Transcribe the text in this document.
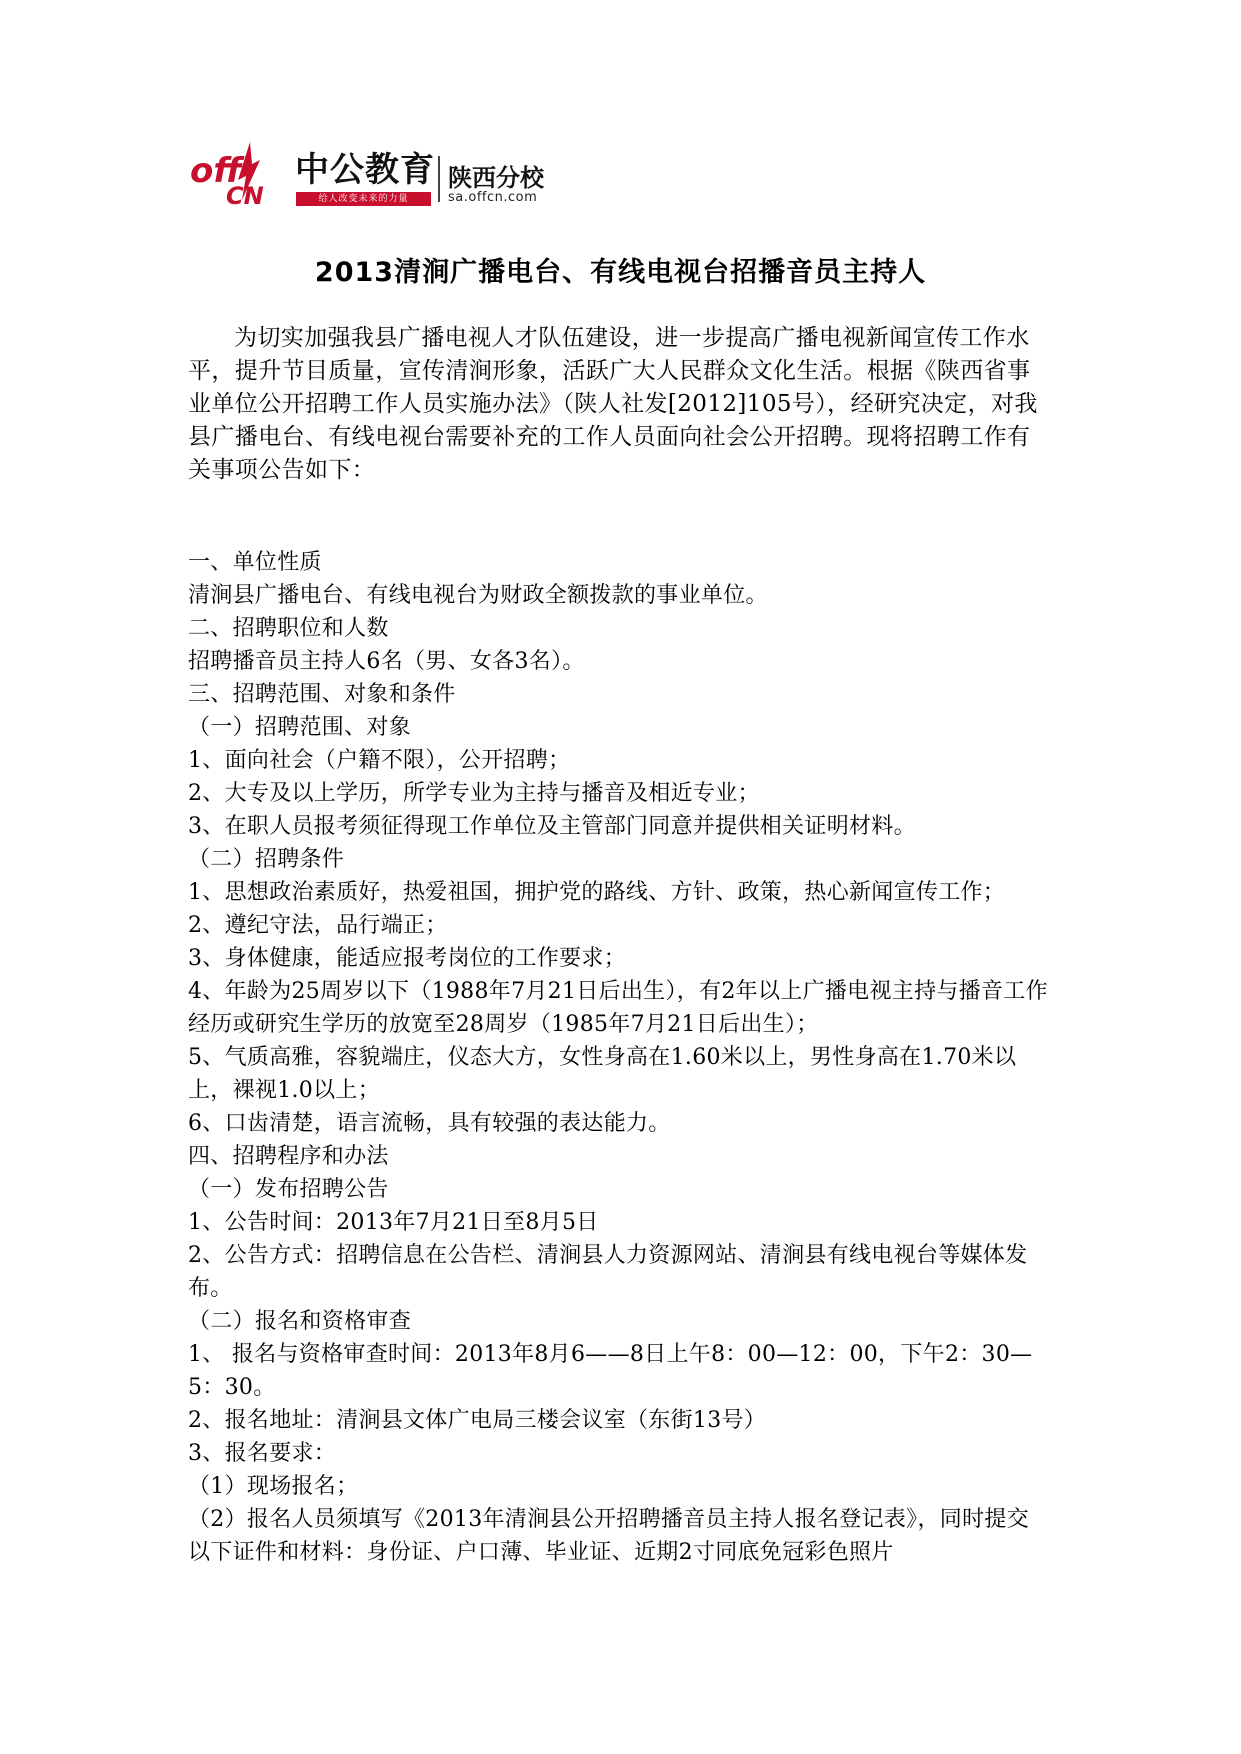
off
CN
中公教育
给人改变未来的力量
陕西分校
sa.offcn.com
2013清涧广播电台、有线电视台招播音员主持人

为切实加强我县广播电视人才队伍建设，进一步提高广播电视新闻宣传工作水平，提升节目质量，宣传清涧形象，活跃广大人民群众文化生活。根据《陕西省事业单位公开招聘工作人员实施办法》（陕人社发[2012]105号），经研究决定，对我县广播电台、有线电视台需要补充的工作人员面向社会公开招聘。现将招聘工作有关事项公告如下：

一、单位性质

清涧县广播电台、有线电视台为财政全额拨款的事业单位。

二、招聘职位和人数

招聘播音员主持人6名（男、女各3名）。

三、招聘范围、对象和条件

（一）招聘范围、对象

1、面向社会（户籍不限），公开招聘；

2、大专及以上学历，所学专业为主持与播音及相近专业；

3、在职人员报考须征得现工作单位及主管部门同意并提供相关证明材料。

（二）招聘条件

1、思想政治素质好，热爱祖国，拥护党的路线、方针、政策，热心新闻宣传工作；

2、遵纪守法，品行端正；

3、身体健康，能适应报考岗位的工作要求；

4、年龄为25周岁以下（1988年7月21日后出生），有2年以上广播电视主持与播音工作经历或研究生学历的放宽至28周岁（1985年7月21日后出生）；

5、气质高雅，容貌端庄，仪态大方，女性身高在1.60米以上，男性身高在1.70米以上，裸视1.0以上；

6、口齿清楚，语言流畅，具有较强的表达能力。

四、招聘程序和办法

（一）发布招聘公告

1、公告时间：2013年7月21日至8月5日

2、公告方式：招聘信息在公告栏、清涧县人力资源网站、清涧县有线电视台等媒体发布。

（二）报名和资格审查

1、 报名与资格审查时间：2013年8月6——8日上午8：00—12：00，下午2：30—5：30。

2、报名地址：清涧县文体广电局三楼会议室（东街13号）

3、报名要求：

（1）现场报名；

（2）报名人员须填写《2013年清涧县公开招聘播音员主持人报名登记表》，同时提交以下证件和材料：身份证、户口薄、毕业证、近期2寸同底免冠彩色照片
